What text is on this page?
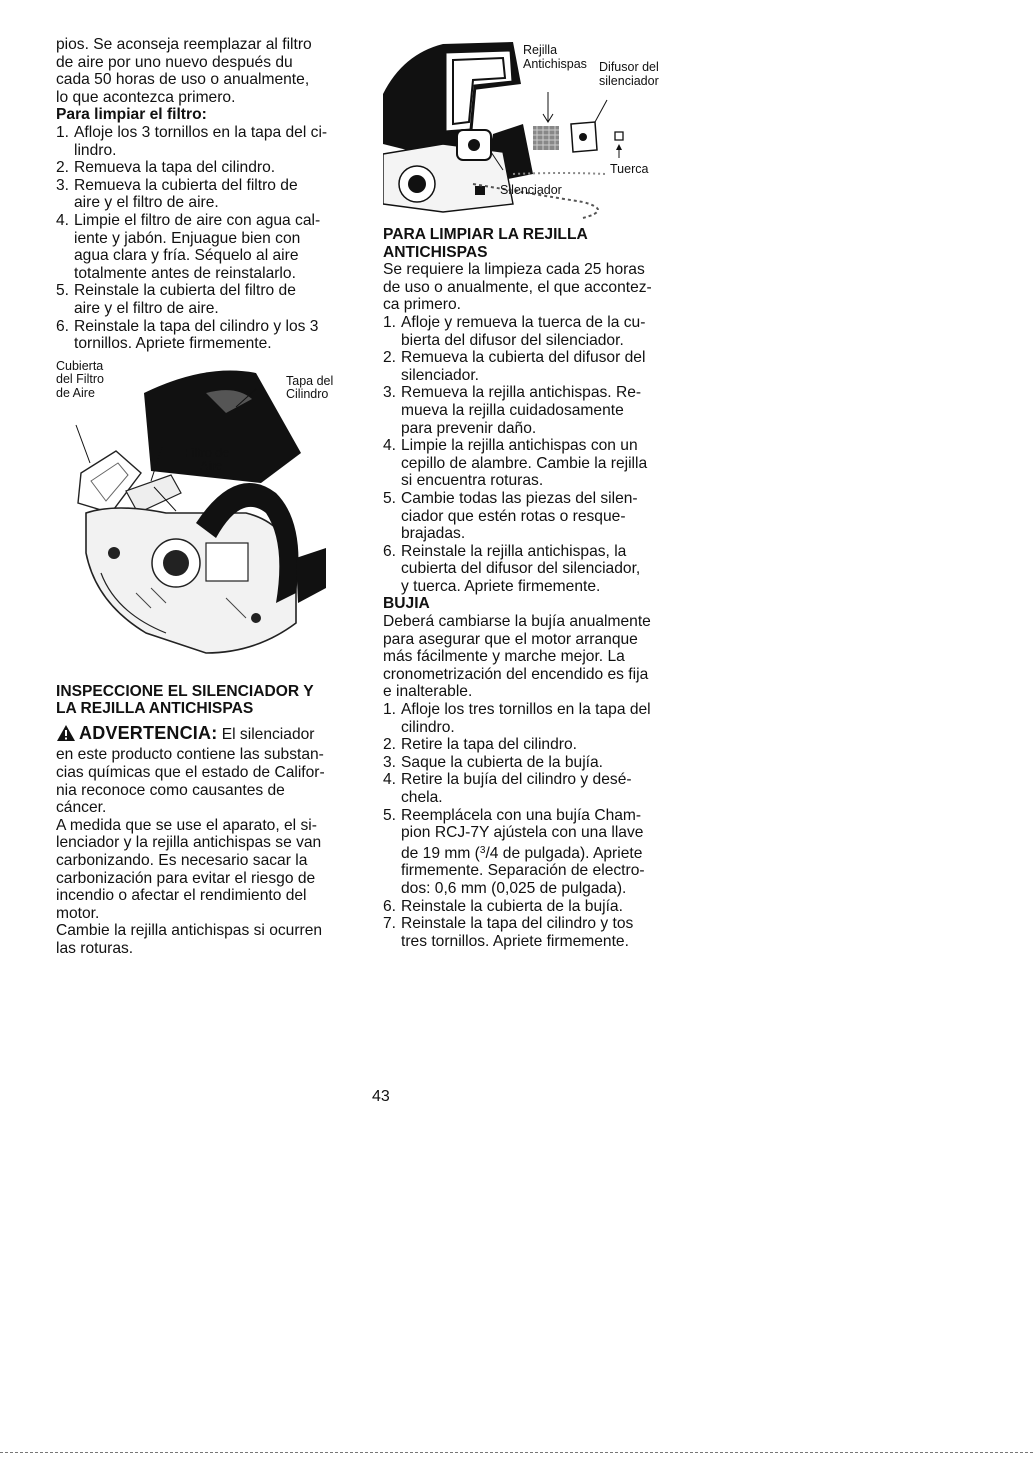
pios. Se aconseja reemplazar al filtro

de aire por uno nuevo después du

cada 50 horas de uso o anualmente,

lo que acontezca primero.

Para limpiar el filtro:

1. Afloje los 3 tornillos en la tapa del ci-

lindro.

2. Remueva la tapa del cilindro.

3. Remueva la cubierta del filtro de

aire y el filtro de aire.

4. Limpie el filtro de aire con agua cal-

iente y jabón. Enjuague bien con

agua clara y fría. Séquelo al aire

totalmente antes de reinstalarlo.

5. Reinstale la cubierta del filtro de

aire y el filtro de aire.

6. Reinstale la tapa del cilindro y los 3

tornillos. Apriete firmemente.

Cubierta
del Filtro
de Aire
Tapa del
Cilindro
Filtro de
Aire

INSPECCIONE EL SILENCIADOR Y

LA REJILLA ANTICHISPAS

ADVERTENCIA: El silenciador

en este producto contiene las substan-

cias químicas que el estado de Califor-

nia reconoce como causantes de

cáncer.

A medida que se use el aparato, el si-

lenciador y la rejilla antichispas se van

carbonizando. Es necesario sacar la

carbonización para evitar el riesgo de

incendio o afectar el rendimiento del

motor.

Cambie la rejilla antichispas si ocurren

las roturas.

Rejilla
Antichispas Difusor del
silenciador
Tuerca
Silenciador

PARA LIMPIAR LA REJILLA

ANTICHISPAS

Se requiere la limpieza cada 25 horas

de uso o anualmente, el que accontez-

ca primero.

1. Afloje y remueva la tuerca de la cu-

bierta del difusor del silenciador.

2. Remueva la cubierta del difusor del

silenciador.

3. Remueva la rejilla antichispas. Re-

mueva la rejilla cuidadosamente

para prevenir daño.

4. Limpie la rejilla antichispas con un

cepillo de alambre. Cambie la rejilla

si encuentra roturas.

5. Cambie todas las piezas del silen-

ciador que estén rotas o resque-

brajadas.

6. Reinstale la rejilla antichispas, la

cubierta del difusor del silenciador,

y tuerca. Apriete firmemente.

BUJIA

Deberá cambiarse la bujía anualmente

para asegurar que el motor arranque

más fácilmente y marche mejor. La

cronometrización del encendido es fija

e inalterable.

1. Afloje los tres tornillos en la tapa del

cilindro.

2. Retire la tapa del cilindro.

3. Saque la cubierta de la bujía.

4. Retire la bujía del cilindro y desé-

chela.

5. Reemplácela con una bujía Cham-

pion RCJ-7Y ajústela con una llave

de 19 mm ($^3$/4 de pulgada). Apriete

firmemente. Separación de electro-

dos: 0,6 mm (0,025 de pulgada).

6. Reinstale la cubierta de la bujía.

7. Reinstale la tapa del cilindro y tos

tres tornillos. Apriete firmemente.

43
